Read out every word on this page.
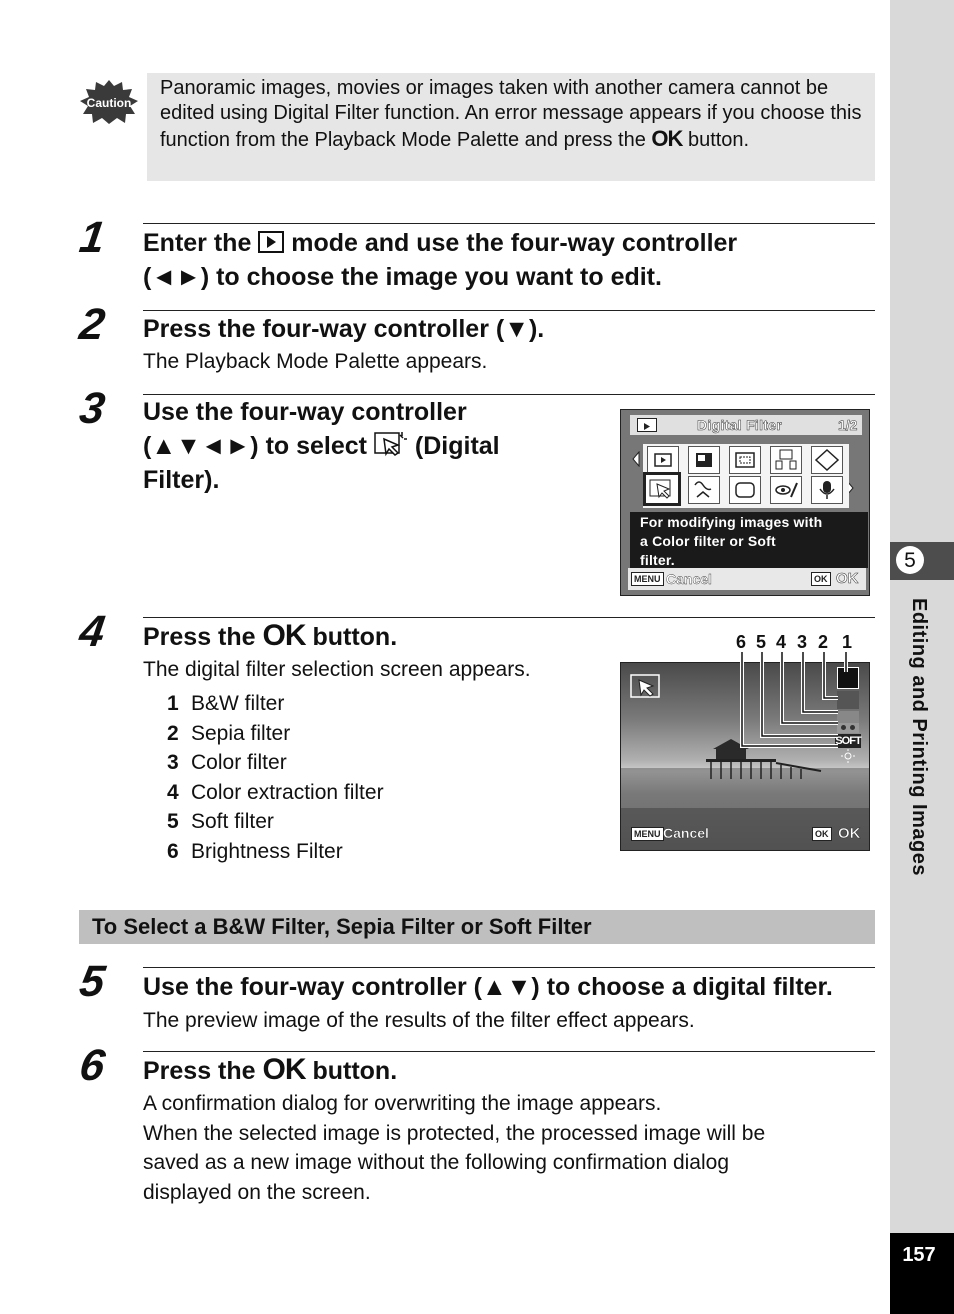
5
Editing and Printing Images
157
Caution
Panoramic images, movies or images taken with another camera cannot be edited using Digital Filter function. An error message appears if you choose this function from the Playback Mode Palette and press the OK button.
1 Enter the  mode and use the four-way controller
(◄►) to choose the image you want to edit.
2 Press the four-way controller (▼).
The Playback Mode Palette appears.
3 Use the four-way controller
(▲▼◄►) to select  (Digital
Filter).
Digital Filter	1/2
For modifying images with
a Color filter or Soft
filter.
MENU Cancel	OK OK
4 Press the OK button.
The digital filter selection screen appears.
1 B&W filter
2 Sepia filter
3 Color filter
4 Color extraction filter
5 Soft filter
6 Brightness Filter
6 5 4 3 2 1
SOFT
MENU	OK
Cancel	OK
To Select a B&W Filter, Sepia Filter or Soft Filter
5 Use the four-way controller (▲▼) to choose a digital filter.
The preview image of the results of the filter effect appears.
6 Press the OK button.
A confirmation dialog for overwriting the image appears.
When the selected image is protected, the processed image will be
saved as a new image without the following confirmation dialog
displayed on the screen.
